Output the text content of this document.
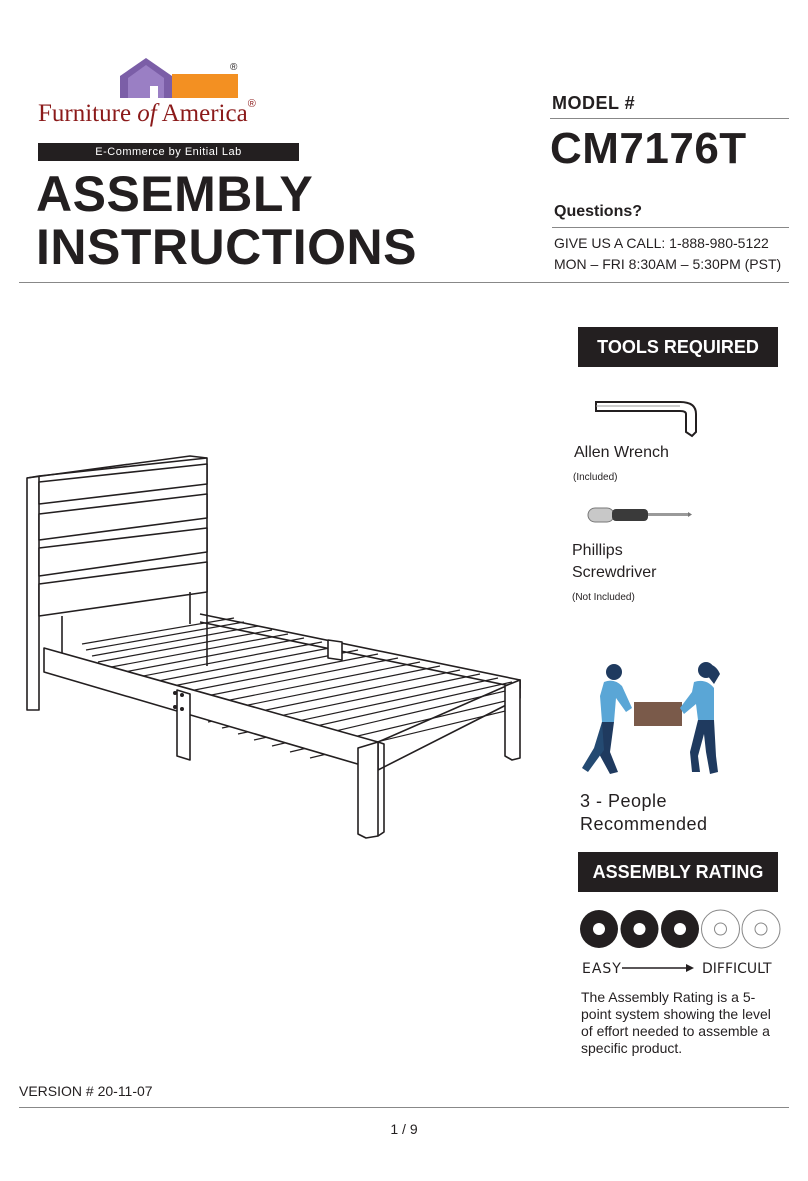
®
Furniture of America®
E-Commerce by Enitial Lab
ASSEMBLY
INSTRUCTIONS
MODEL #
CM7176T
Questions?
GIVE US A CALL: 1-888-980-5122
MON – FRI 8:30AM – 5:30PM (PST)
TOOLS REQUIRED
Allen Wrench
(Included)
Phillips
Screwdriver
(Not Included)
3 - People
Recommended
ASSEMBLY RATING
EASY	DIFFICULT
The Assembly Rating is a 5-point system showing the level of effort needed to assemble a specific product.
VERSION # 20-11-07
1 / 9
